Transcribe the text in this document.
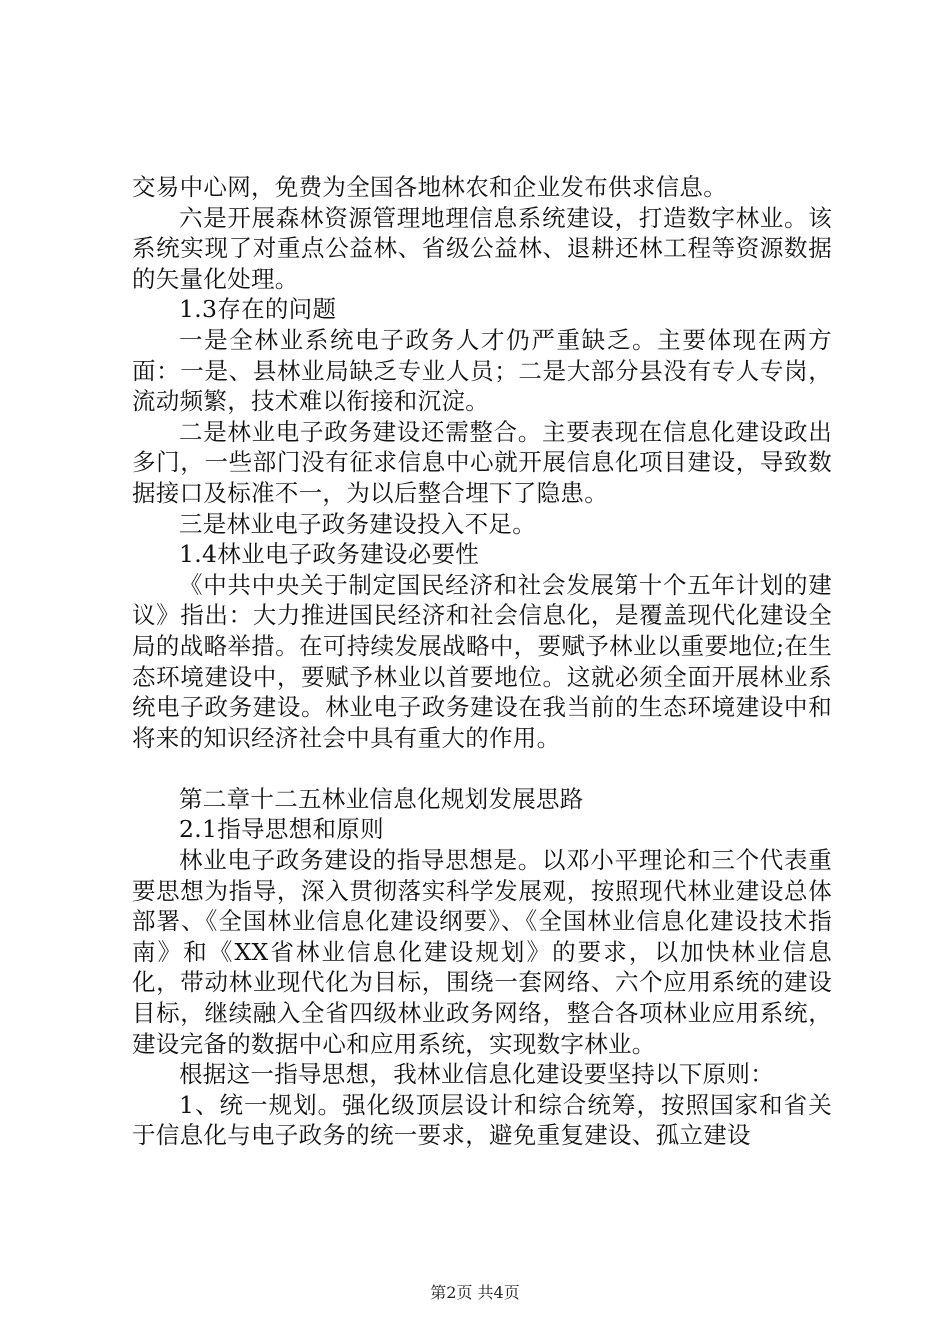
交易中心网，免费为全国各地林农和企业发布供求信息。

六是开展森林资源管理地理信息系统建设，打造数字林业。该系统实现了对重点公益林、省级公益林、退耕还林工程等资源数据的矢量化处理。

1.3存在的问题

一是全林业系统电子政务人才仍严重缺乏。主要体现在两方面：一是、县林业局缺乏专业人员；二是大部分县没有专人专岗，流动频繁，技术难以衔接和沉淀。

二是林业电子政务建设还需整合。主要表现在信息化建设政出多门，一些部门没有征求信息中心就开展信息化项目建设，导致数据接口及标准不一，为以后整合埋下了隐患。

三是林业电子政务建设投入不足。

1.4林业电子政务建设必要性

《中共中央关于制定国民经济和社会发展第十个五年计划的建议》指出：大力推进国民经济和社会信息化，是覆盖现代化建设全局的战略举措。在可持续发展战略中，要赋予林业以重要地位;在生态环境建设中，要赋予林业以首要地位。这就必须全面开展林业系统电子政务建设。林业电子政务建设在我当前的生态环境建设中和将来的知识经济社会中具有重大的作用。

第二章十二五林业信息化规划发展思路

2.1指导思想和原则

林业电子政务建设的指导思想是。以邓小平理论和三个代表重要思想为指导，深入贯彻落实科学发展观，按照现代林业建设总体部署、《全国林业信息化建设纲要》、《全国林业信息化建设技术指南》和《XX省林业信息化建设规划》的要求，以加快林业信息化，带动林业现代化为目标，围绕一套网络、六个应用系统的建设目标，继续融入全省四级林业政务网络，整合各项林业应用系统，建设完备的数据中心和应用系统，实现数字林业。

根据这一指导思想，我林业信息化建设要坚持以下原则：

1、统一规划。强化级顶层设计和综合统筹，按照国家和省关于信息化与电子政务的统一要求，避免重复建设、孤立建设

第2页 共4页
